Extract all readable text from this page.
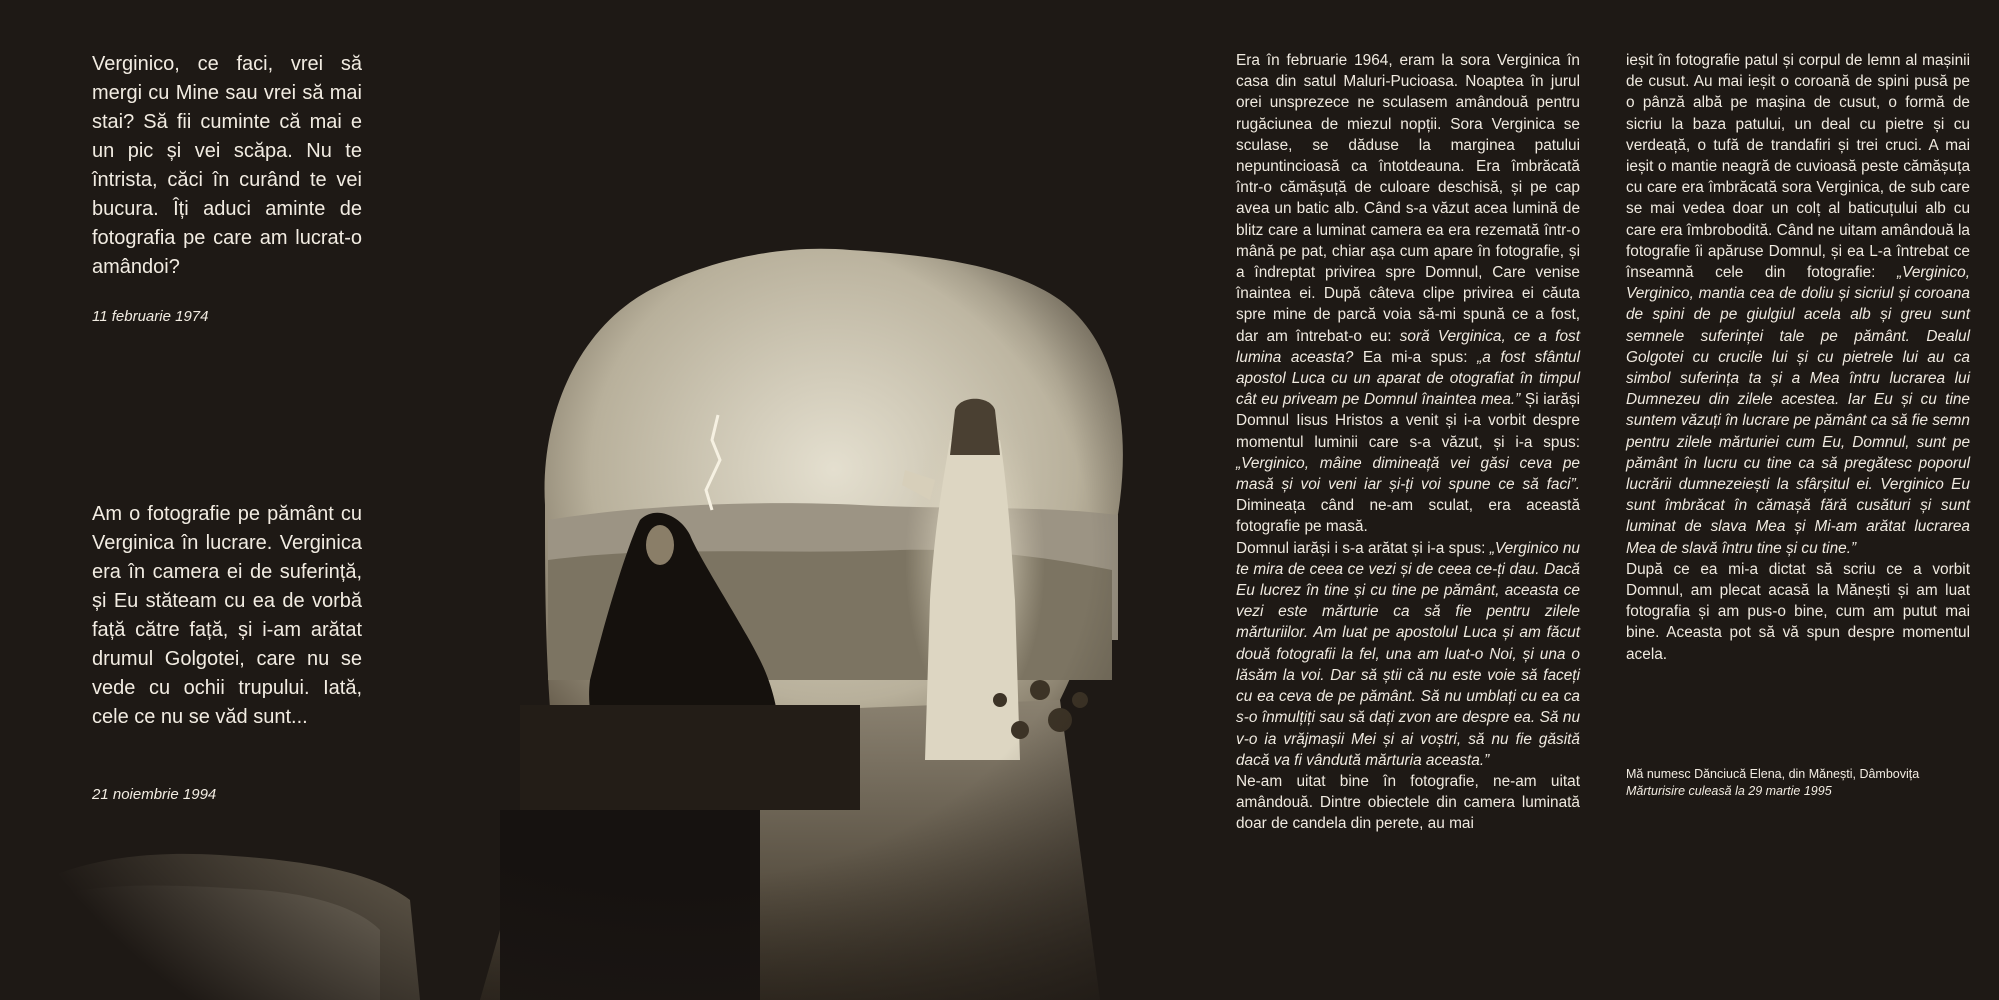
Verginico, ce faci, vrei să mergi cu Mine sau vrei să mai stai? Să fii cuminte că mai e un pic și vei scăpa. Nu te întrista, căci în curând te vei bucura. Îți aduci aminte de fotografia pe care am lucrat-o amândoi?
11 februarie 1974
Am o fotografie pe pământ cu Verginica în lucrare. Verginica era în camera ei de suferință, și Eu stăteam cu ea de vorbă față către față, și i-am arătat drumul Golgotei, care nu se vede cu ochii trupului. Iată, cele ce nu se văd sunt...
21 noiembrie 1994

Era în februarie 1964, eram la sora Verginica în casa din satul Maluri-Pucioasa. Noaptea în jurul orei unsprezece ne sculasem amândouă pentru rugăciunea de miezul nopții. Sora Verginica se sculase, se dăduse la marginea patului nepuntincioasă ca întotdeauna. Era îmbrăcată într-o cămășuță de culoare deschisă, și pe cap avea un batic alb. Când s-a văzut acea lumină de blitz care a luminat camera ea era rezemată într-o mână pe pat, chiar așa cum apare în fotografie, și a îndreptat privirea spre Domnul, Care venise înaintea ei. După câteva clipe privirea ei căuta spre mine de parcă voia să-mi spună ce a fost, dar am întrebat-o eu: soră Verginica, ce a fost lumina aceasta? Ea mi-a spus: „a fost sfântul apostol Luca cu un aparat de otografiat în timpul cât eu priveam pe Domnul înaintea mea.” Și iarăși Domnul Iisus Hristos a venit și i-a vorbit despre momentul luminii care s-a văzut, și i-a spus: „Verginico, mâine dimineață vei găsi ceva pe masă și voi veni iar și-ți voi spune ce să faci”. Dimineața când ne-am sculat, era această fotografie pe masă.

Domnul iarăși i s-a arătat și i-a spus: „Verginico nu te mira de ceea ce vezi și de ceea ce-ți dau. Dacă Eu lucrez în tine și cu tine pe pământ, aceasta ce vezi este mărturie ca să fie pentru zilele mărturiilor. Am luat pe apostolul Luca și am făcut două fotografii la fel, una am luat-o Noi, și una o lăsăm la voi. Dar să știi că nu este voie să faceți cu ea ceva de pe pământ. Să nu umblați cu ea ca s-o înmulțiți sau să dați zvon are despre ea. Să nu v-o ia vrăjmașii Mei și ai voștri, să nu fie găsită dacă va fi vândută mărturia aceasta.”

Ne-am uitat bine în fotografie, ne-am uitat amândouă. Dintre obiectele din camera luminată doar de candela din perete, au mai

ieșit în fotografie patul și corpul de lemn al mașinii de cusut. Au mai ieșit o coroană de spini pusă pe o pânză albă pe mașina de cusut, o formă de sicriu la baza patului, un deal cu pietre și cu verdeață, o tufă de trandafiri și trei cruci. A mai ieșit o mantie neagră de cuvioasă peste cămășuța cu care era îmbrăcată sora Verginica, de sub care se mai vedea doar un colț al baticuțului alb cu care era îmbrobodită. Când ne uitam amândouă la fotografie îi apăruse Domnul, și ea L-a întrebat ce înseamnă cele din fotografie: „Verginico, Verginico, mantia cea de doliu și sicriul și coroana de spini de pe giulgiul acela alb și greu sunt semnele suferinței tale pe pământ. Dealul Golgotei cu crucile lui și cu pietrele lui au ca simbol suferința ta și a Mea întru lucrarea lui Dumnezeu din zilele acestea. Iar Eu și cu tine suntem văzuți în lucrare pe pământ ca să fie semn pentru zilele mărturiei cum Eu, Domnul, sunt pe pământ în lucru cu tine ca să pregătesc poporul lucrării dumnezeiești la sfârșitul ei. Verginico Eu sunt îmbrăcat în cămașă fără cusături și sunt luminat de slava Mea și Mi-am arătat lucrarea Mea de slavă întru tine și cu tine.”

După ce ea mi-a dictat să scriu ce a vorbit Domnul, am plecat acasă la Mănești și am luat fotografia și am pus-o bine, cum am putut mai bine. Aceasta pot să vă spun despre momentul acela.

Mă numesc Dănciucă Elena, din Mănești, Dâmbovița
Mărturisire culeasă la 29 martie 1995
